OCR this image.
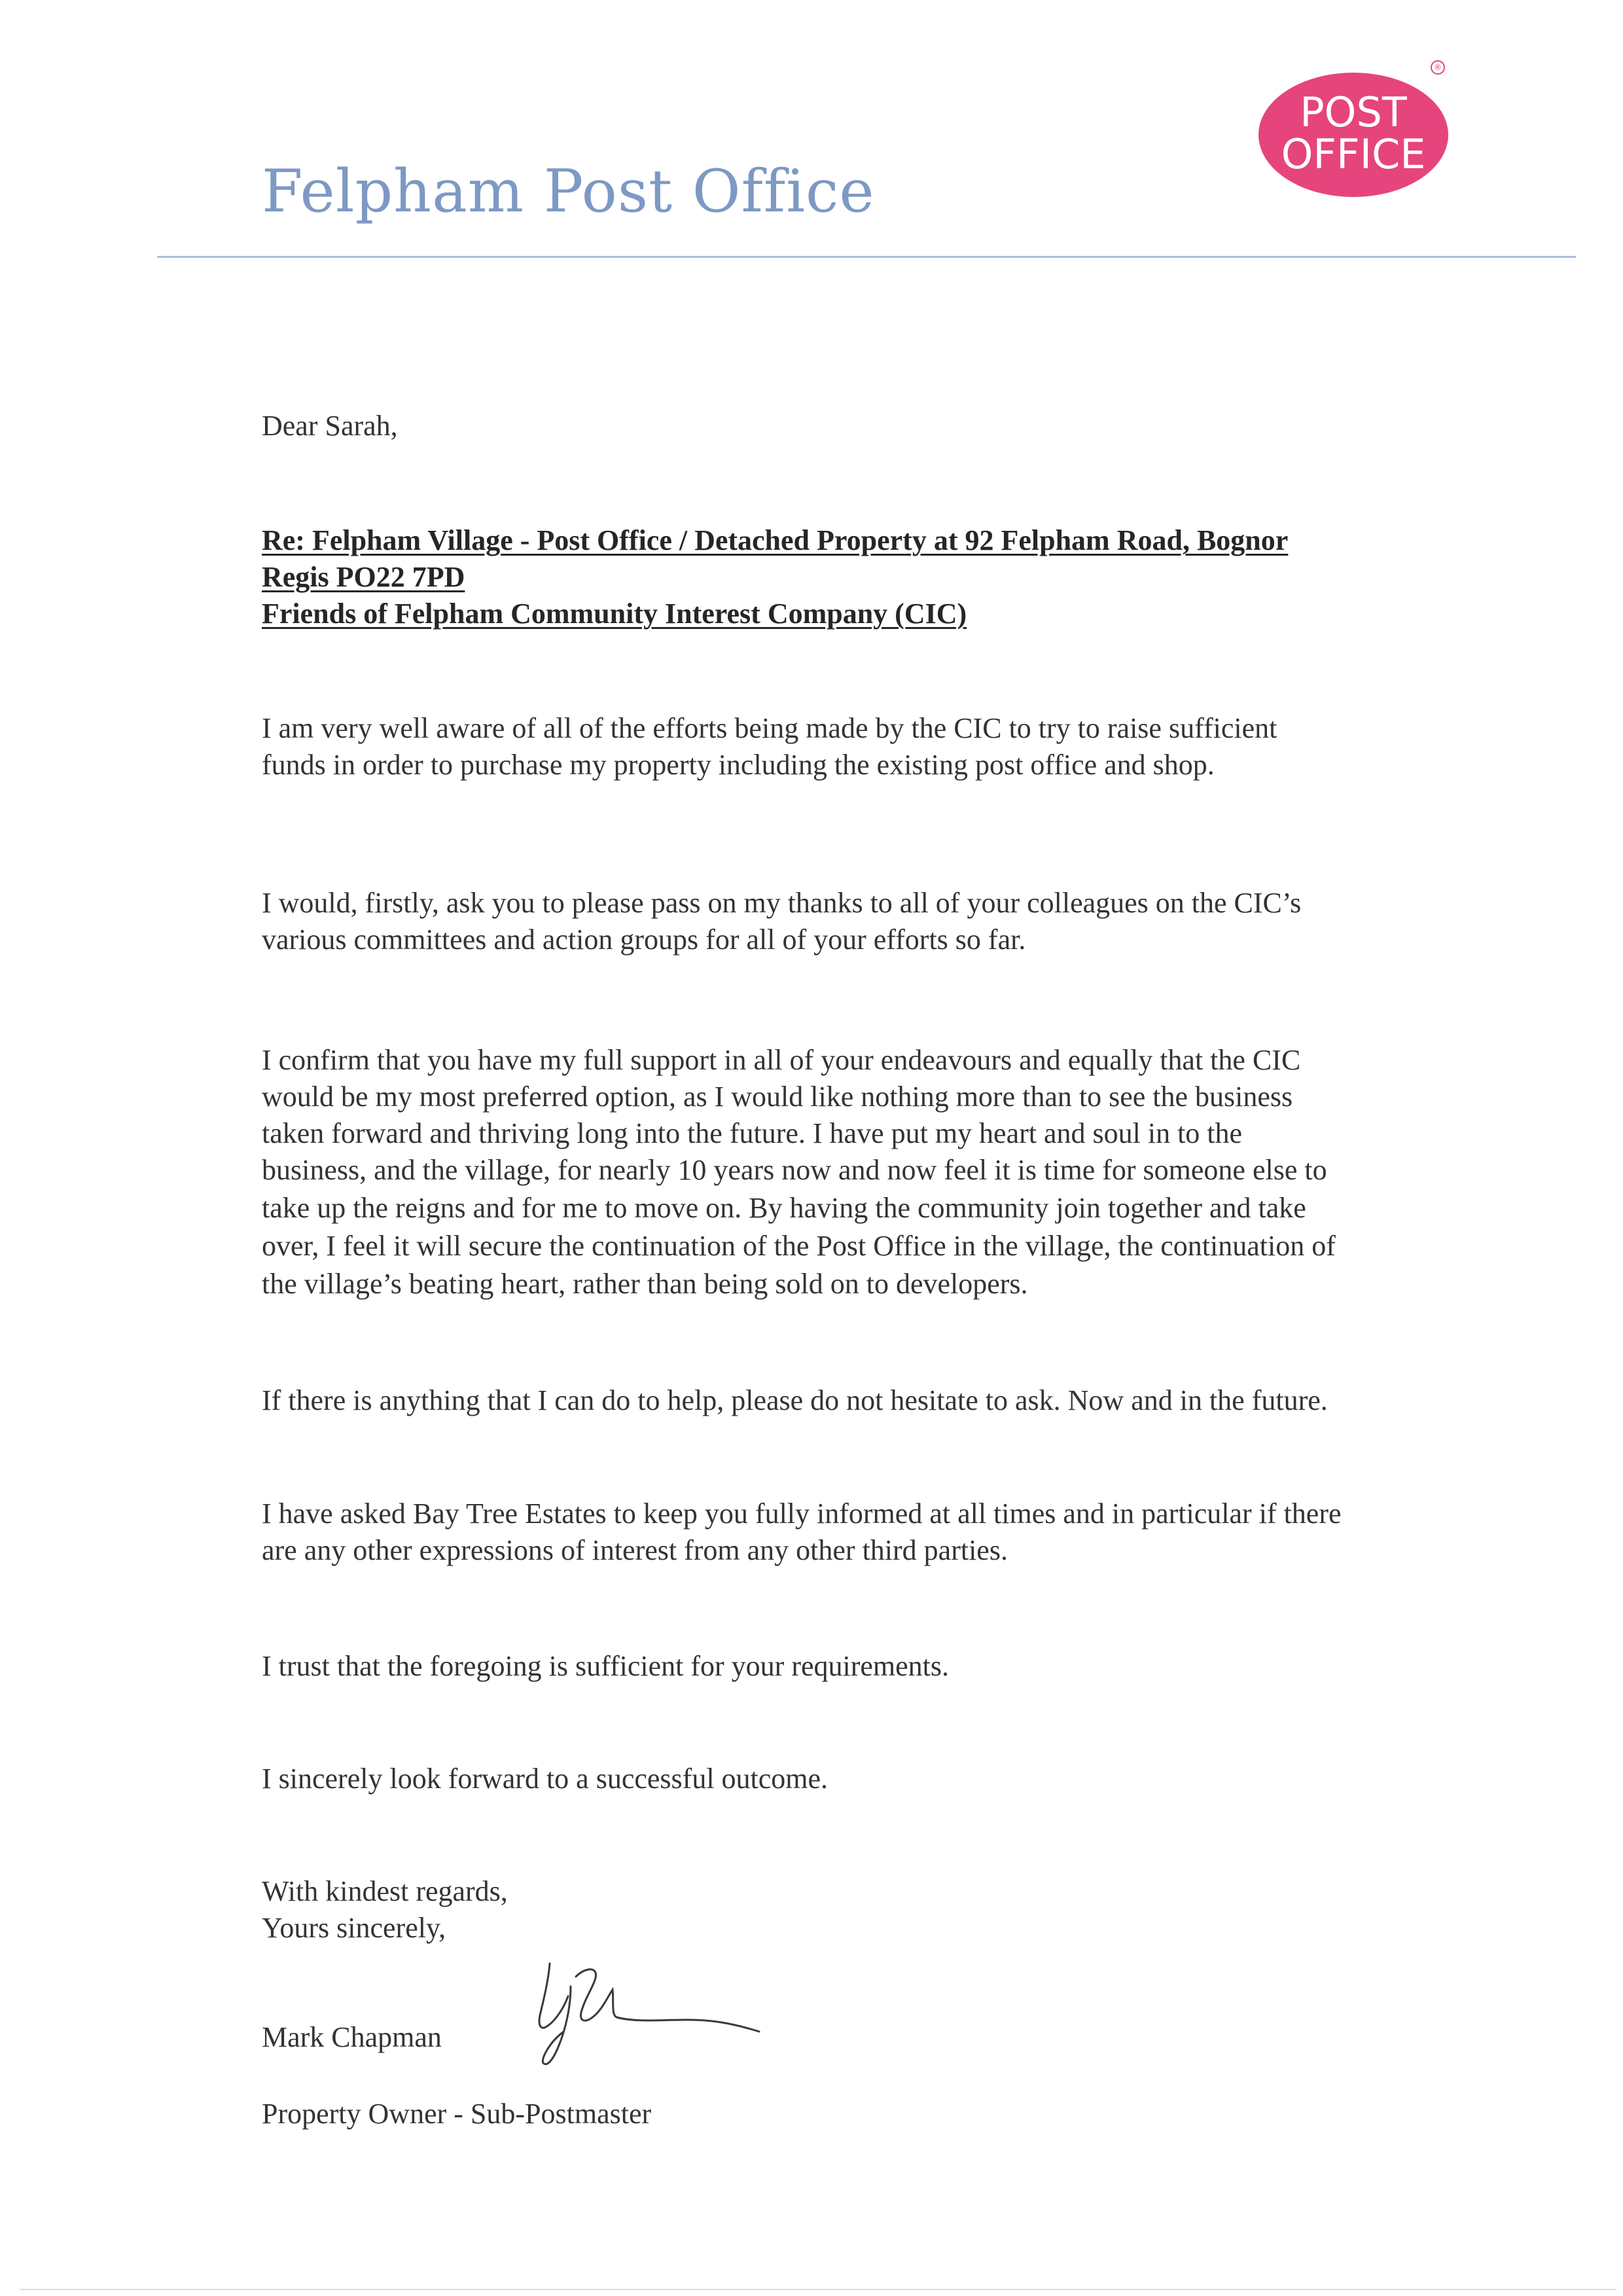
Felpham Post Office
POST
OFFICE
®
Dear Sarah,
Re: Felpham Village - Post Office / Detached Property at 92 Felpham Road, Bognor
Regis PO22 7PD
Friends of Felpham Community Interest Company (CIC)
I am very well aware of all of the efforts being made by the CIC to try to raise sufficient
funds in order to purchase my property including the existing post office and shop.
I would, firstly, ask you to please pass on my thanks to all of your colleagues on the CIC’s
various committees and action groups for all of your efforts so far.
I confirm that you have my full support in all of your endeavours and equally that the CIC
would be my most preferred option, as I would like nothing more than to see the business
taken forward and thriving long into the future. I have put my heart and soul in to the
business, and the village, for nearly 10 years now and now feel it is time for someone else to
take up the reigns and for me to move on. By having the community join together and take
over, I feel it will secure the continuation of the Post Office in the village, the continuation of
the village’s beating heart, rather than being sold on to developers.
If there is anything that I can do to help, please do not hesitate to ask. Now and in the future.
I have asked Bay Tree Estates to keep you fully informed at all times and in particular if there
are any other expressions of interest from any other third parties.
I trust that the foregoing is sufficient for your requirements.
I sincerely look forward to a successful outcome.
With kindest regards,
Yours sincerely,
Mark Chapman
Property Owner - Sub-Postmaster
